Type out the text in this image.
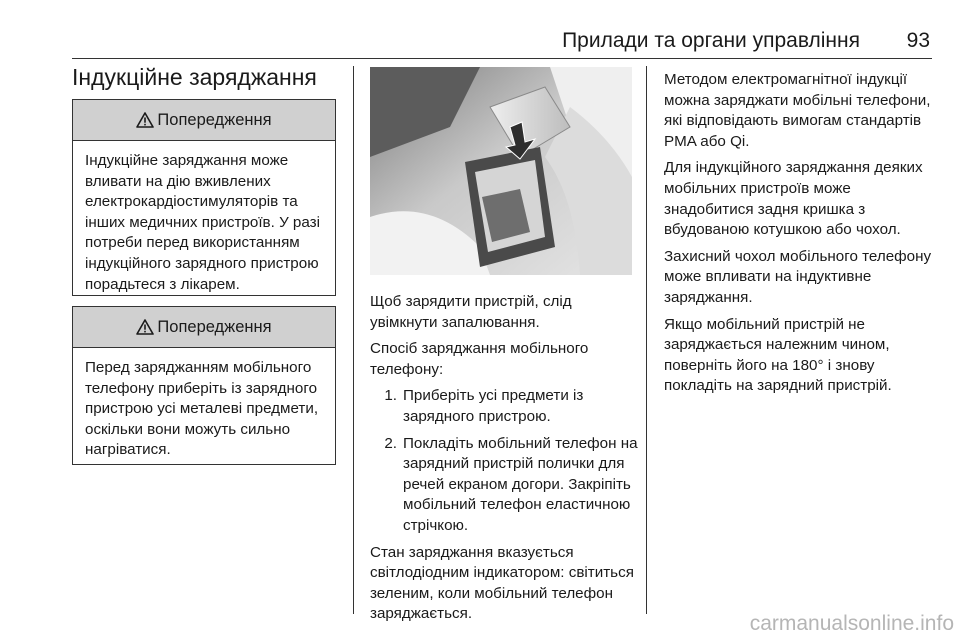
Прилади та органи управління	93
Індукційне заряджання
Попередження
Індукційне заряджання може вливати на дію вживлених електрокардіостимуляторів та інших медичних пристроїв. У разі потреби перед використанням індукційного зарядного пристрою порадьтеся з лікарем.
Попередження
Перед заряджанням мобільного телефону приберіть із зарядного пристрою усі металеві предмети, оскільки вони можуть сильно нагріватися.

Щоб зарядити пристрій, слід увімкнути запалювання.

Спосіб заряджання мобільного телефону:

1. Приберіть усі предмети із зарядного пристрою.
2. Покладіть мобільний телефон на зарядний пристрій полички для речей екраном догори. Закріпіть мобільний телефон еластичною стрічкою.

Стан заряджання вказується світлодіодним індикатором: світиться зеленим, коли мобільний телефон заряджається.

Методом електромагнітної індукції можна заряджати мобільні телефони, які відповідають вимогам стандартів PMA або Qi.

Для індукційного заряджання деяких мобільних пристроїв може знадобитися задня кришка з вбудованою котушкою або чохол.

Захисний чохол мобільного телефону може впливати на індуктивне заряджання.

Якщо мобільний пристрій не заряджається належним чином, поверніть його на 180° і знову покладіть на зарядний пристрій.

carmanualsonline.info
